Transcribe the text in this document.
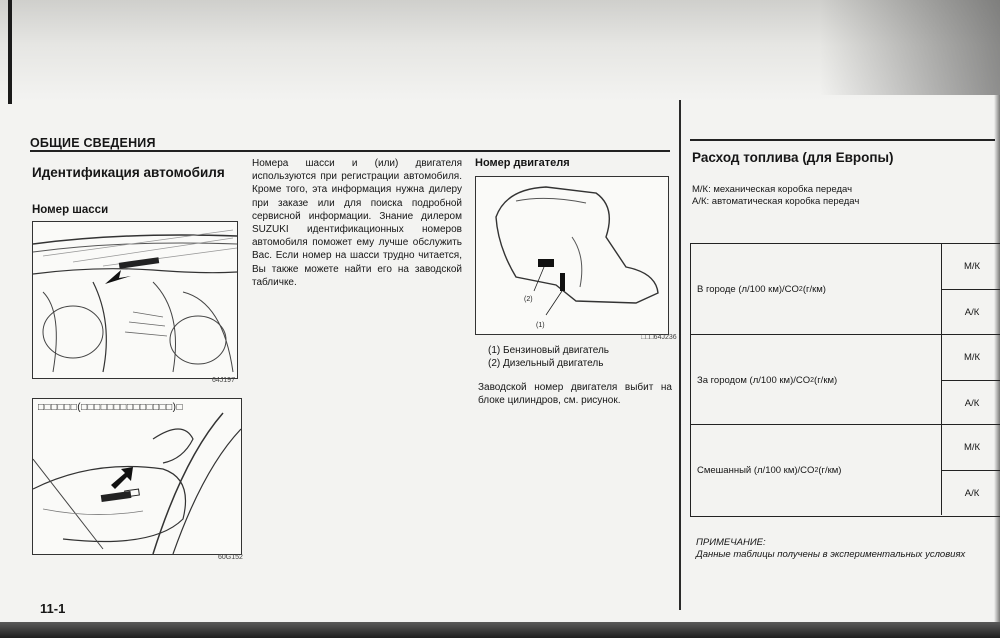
ОБЩИЕ СВЕДЕНИЯ
Идентификация автомобиля
Номер шасси
Номера шасси и (или) двигателя используются при регистрации автомобиля. Кроме того, эта информация нужна дилеру при заказе или для поиска подробной сервисной информации. Знание дилером SUZUKI идентификационных номеров автомобиля поможет ему лучше обслужить Вас. Если номер на шасси трудно читается, Вы также можете найти его на заводской табличке.
64J197
□□□□□□(□□□□□□□□□□□□□□)□
60G152
Номер двигателя
(2)
(1)
□□□64J236
(1) Бензиновый двигатель
(2) Дизельный двигатель
Заводской номер двигателя выбит на блоке цилиндров, см. рисунок.
11-1
Расход топлива (для Европы)
М/К: механическая коробка передач
А/К: автоматическая коробка передач
В городе (л/100 км)/CO 2 (г/км)
М/К
А/К
За городом (л/100 км)/CO 2 (г/км)
М/К
А/К
Смешанный (л/100 км)/CO 2 (г/км)
М/К
А/К
ПРИМЕЧАНИЕ:
Данные таблицы получены в экспериментальных условиях
